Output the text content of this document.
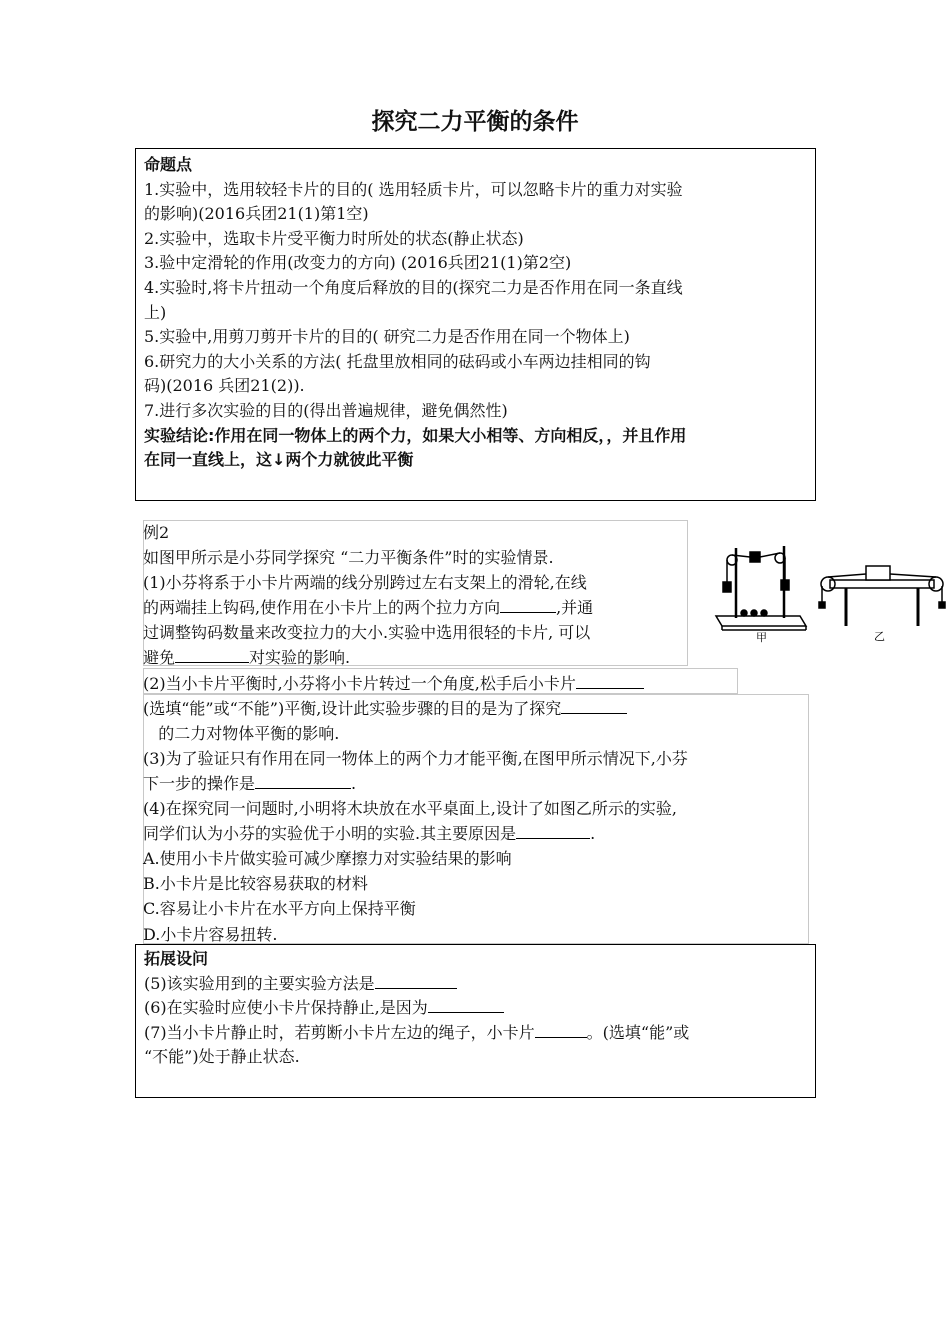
探究二力平衡的条件
命题点
1.实验中，选用较轻卡片的目的( 选用轻质卡片，可以忽略卡片的重力对实验
的影响)(2016兵团21(1)第1空)
2.实验中，选取卡片受平衡力时所处的状态(静止状态)
3.验中定滑轮的作用(改变力的方向) (2016兵团21(1)第2空)
4.实验时,将卡片扭动一个角度后释放的目的(探究二力是否作用在同一条直线
上)
5.实验中,用剪刀剪开卡片的目的( 研究二力是否作用在同一个物体上)
6.研究力的大小关系的方法( 托盘里放相同的砝码或小车两边挂相同的钩
码)(2016 兵团21(2)).
7.进行多次实验的目的(得出普遍规律，避免偶然性)
实验结论:作用在同一物体上的两个力，如果大小相等、方向相反，，并且作用
在同一直线上，这↓两个力就彼此平衡
例2
如图甲所示是小芬同学探究 “二力平衡条件”时的实验情景.
(1)小芬将系于小卡片两端的线分别跨过左右支架上的滑轮,在线
的两端挂上钩码,使作用在小卡片上的两个拉力方向	,并通
过调整钩码数量来改变拉力的大小.实验中选用很轻的卡片, 可以
避免	对实验的影响.
(2)当小卡片平衡时,小芬将小卡片转过一个角度,松手后小卡片
(选填“能”或“不能”)平衡,设计此实验步骤的目的是为了探究
的二力对物体平衡的影响.
(3)为了验证只有作用在同一物体上的两个力才能平衡,在图甲所示情况下,小芬
下一步的操作是	.
(4)在探究同一问题时,小明将木块放在水平桌面上,设计了如图乙所示的实验,
同学们认为小芬的实验优于小明的实验.其主要原因是	.
A.使用小卡片做实验可减少摩擦力对实验结果的影响
B.小卡片是比较容易获取的材料
C.容易让小卡片在水平方向上保持平衡
D.小卡片容易扭转.
甲	乙
拓展设问
(5)该实验用到的主要实验方法是
(6)在实验时应使小卡片保持静止,是因为
(7)当小卡片静止时，若剪断小卡片左边的绳子，小卡片	。(选填“能”或
“不能”)处于静止状态.
